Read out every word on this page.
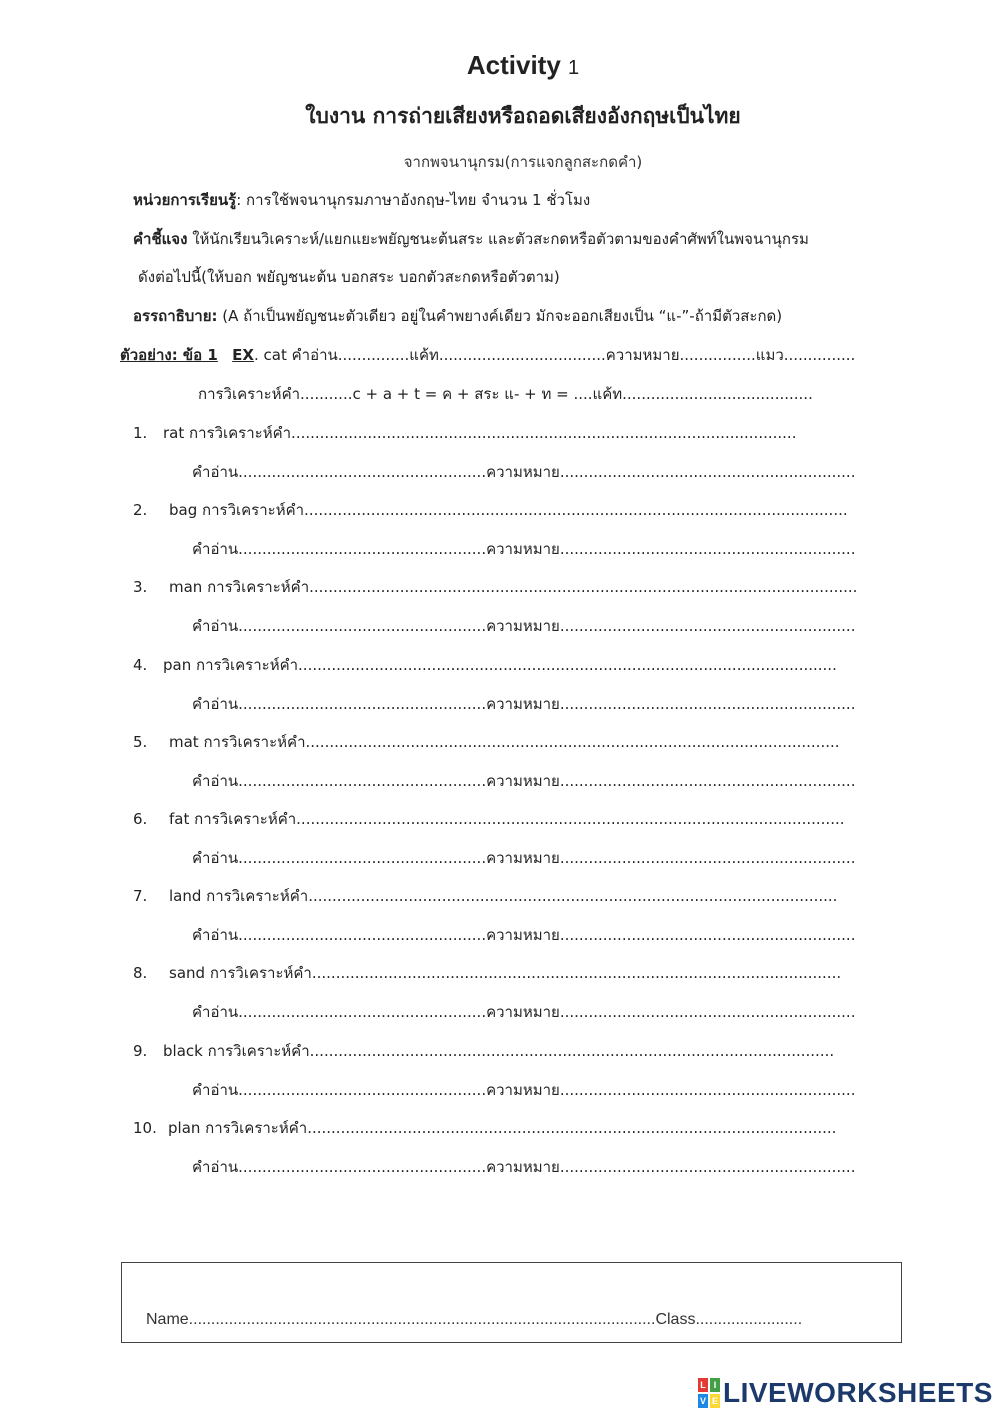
Activity 1
ใบงาน การถ่ายเสียงหรือถอดเสียงอังกฤษเป็นไทย
จากพจนานุกรม(การแจกลูกสะกดคำ)
หน่วยการเรียนรู้: การใช้พจนานุกรมภาษาอังกฤษ-ไทย จำนวน 1 ชั่วโมง
คำชี้แจง ให้นักเรียนวิเคราะห์/แยกแยะพยัญชนะต้นสระ และตัวสะกดหรือตัวตามของคำศัพท์ในพจนานุกรม
ดังต่อไปนี้(ให้บอก พยัญชนะต้น บอกสระ บอกตัวสะกดหรือตัวตาม)
อรรถาธิบาย: (A ถ้าเป็นพยัญชนะตัวเดียว อยู่ในคำพยางค์เดียว มักจะออกเสียงเป็น “แ-”-ถ้ามีตัวสะกด)
ตัวอย่าง: ข้อ 1 EX. cat คำอ่าน...............แค้ท...................................ความหมาย................แมว...............
การวิเคราะห์คำ...........c + a + t = ค + สระ แ- + ท = ....แค้ท........................................
1. rat การวิเคราะห์คำ..........................................................................................................
คำอ่าน....................................................ความหมาย..............................................................
2. bag การวิเคราะห์คำ..................................................................................................................
คำอ่าน....................................................ความหมาย..............................................................
3. man การวิเคราะห์คำ...................................................................................................................
คำอ่าน....................................................ความหมาย..............................................................
4. pan การวิเคราะห์คำ.................................................................................................................
คำอ่าน....................................................ความหมาย..............................................................
5. mat การวิเคราะห์คำ................................................................................................................
คำอ่าน....................................................ความหมาย..............................................................
6. fat การวิเคราะห์คำ...................................................................................................................
คำอ่าน....................................................ความหมาย..............................................................
7. land การวิเคราะห์คำ...............................................................................................................
คำอ่าน....................................................ความหมาย..............................................................
8. sand การวิเคราะห์คำ...............................................................................................................
คำอ่าน....................................................ความหมาย..............................................................
9. black การวิเคราะห์คำ..............................................................................................................
คำอ่าน....................................................ความหมาย..............................................................
10. plan การวิเคราะห์คำ...............................................................................................................
คำอ่าน....................................................ความหมาย..............................................................
Name.........................................................................................................Class........................
L I
V E LIVEWORKSHEETS
